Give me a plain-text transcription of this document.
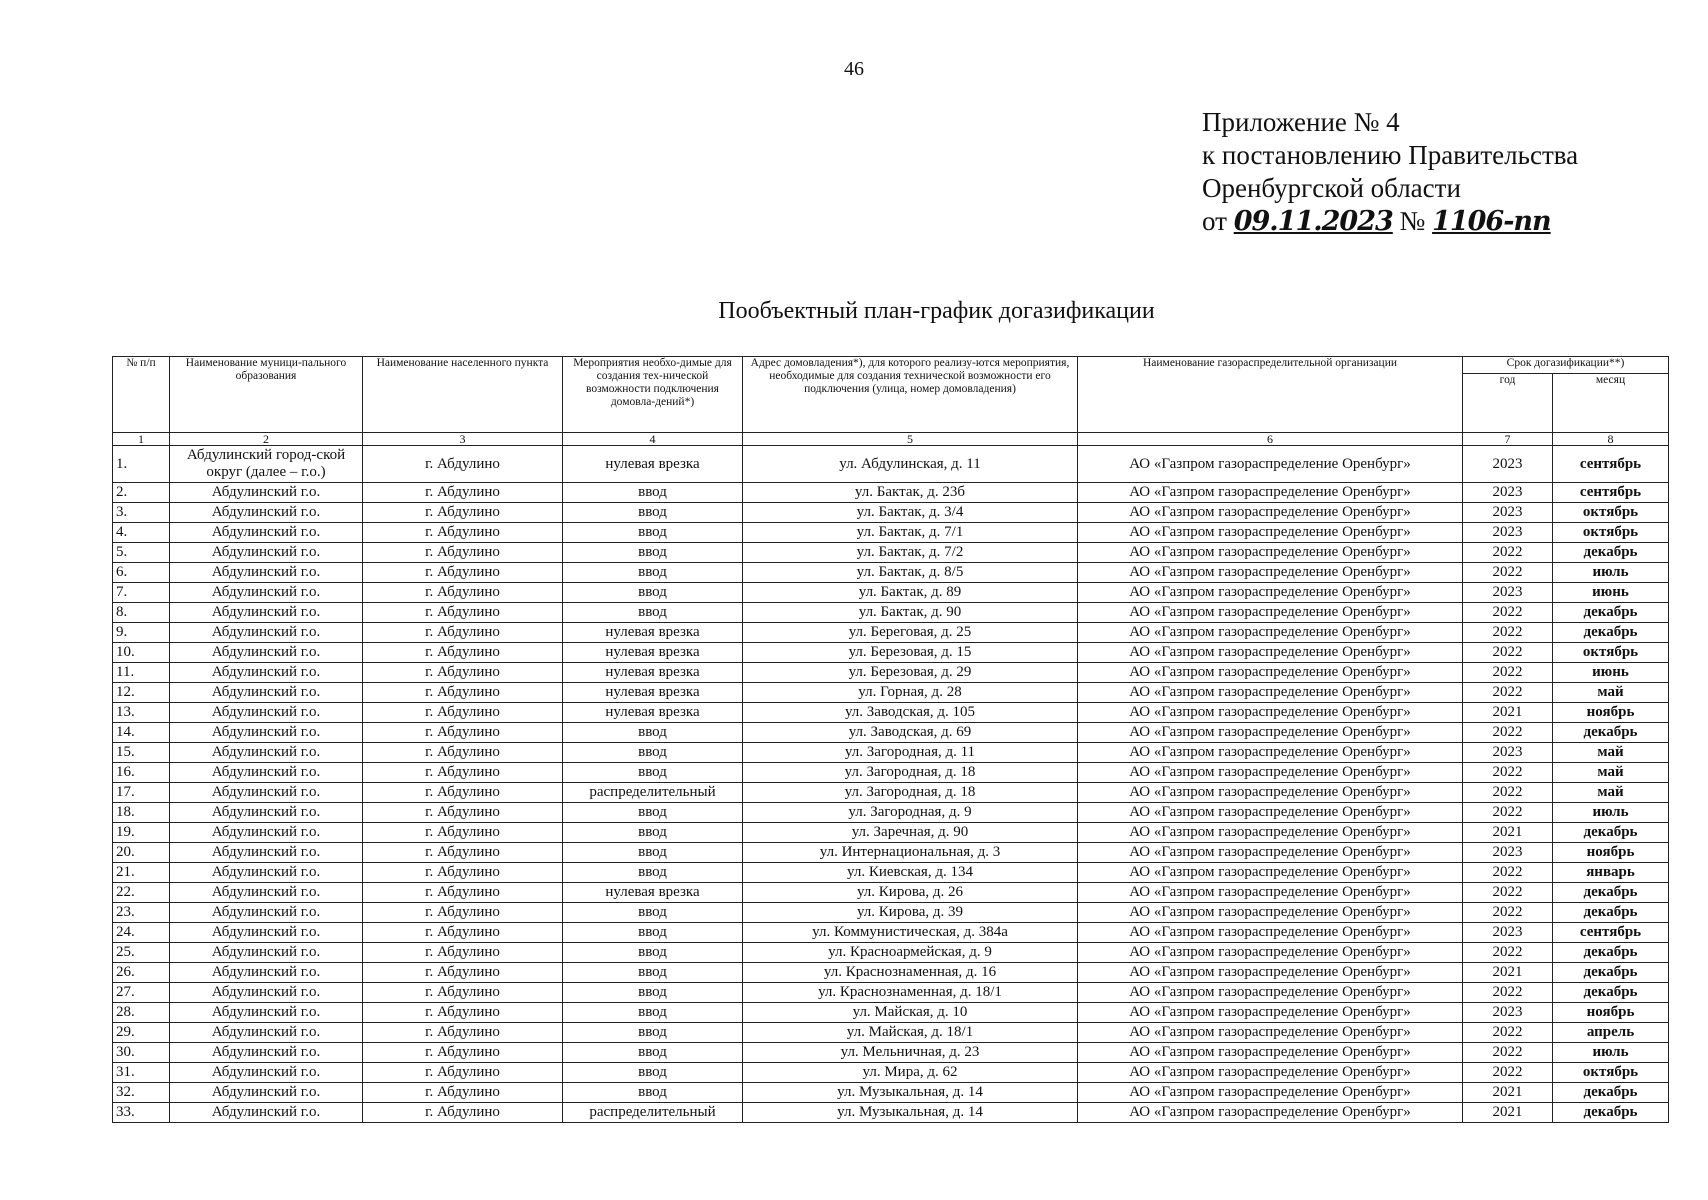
46
Приложение № 4
к постановлению Правительства
Оренбургской области
от 09.11.2023 № 1106-пп
Пообъектный план-график догазификации
№ п/п	Наименование муници-пального образования	Наименование населенного пункта	Мероприятия необхо-димые для создания тех-нической возможности подключения домовла-дений*)	Адрес домовладения*), для которого реализу-ются мероприятия, необходимые для создания технической возможности его подключения (улица, номер домовладения)	Наименование газораспределительной организации	Срок догазификации**)	
						год	месяц
1	2	3	4	5	6	7	8
1.	Абдулинский город-ской округ (далее – г.о.)	г. Абдулино	нулевая врезка	ул. Абдулинская, д. 11	АО «Газпром газораспределение Оренбург»	2023	сентябрь
2.	Абдулинский г.о.	г. Абдулино	ввод	ул. Бактак, д. 23б	АО «Газпром газораспределение Оренбург»	2023	сентябрь
3.	Абдулинский г.о.	г. Абдулино	ввод	ул. Бактак, д. 3/4	АО «Газпром газораспределение Оренбург»	2023	октябрь
4.	Абдулинский г.о.	г. Абдулино	ввод	ул. Бактак, д. 7/1	АО «Газпром газораспределение Оренбург»	2023	октябрь
5.	Абдулинский г.о.	г. Абдулино	ввод	ул. Бактак, д. 7/2	АО «Газпром газораспределение Оренбург»	2022	декабрь
6.	Абдулинский г.о.	г. Абдулино	ввод	ул. Бактак, д. 8/5	АО «Газпром газораспределение Оренбург»	2022	июль
7.	Абдулинский г.о.	г. Абдулино	ввод	ул. Бактак, д. 89	АО «Газпром газораспределение Оренбург»	2023	июнь
8.	Абдулинский г.о.	г. Абдулино	ввод	ул. Бактак, д. 90	АО «Газпром газораспределение Оренбург»	2022	декабрь
9.	Абдулинский г.о.	г. Абдулино	нулевая врезка	ул. Береговая, д. 25	АО «Газпром газораспределение Оренбург»	2022	декабрь
10.	Абдулинский г.о.	г. Абдулино	нулевая врезка	ул. Березовая, д. 15	АО «Газпром газораспределение Оренбург»	2022	октябрь
11.	Абдулинский г.о.	г. Абдулино	нулевая врезка	ул. Березовая, д. 29	АО «Газпром газораспределение Оренбург»	2022	июнь
12.	Абдулинский г.о.	г. Абдулино	нулевая врезка	ул. Горная, д. 28	АО «Газпром газораспределение Оренбург»	2022	май
13.	Абдулинский г.о.	г. Абдулино	нулевая врезка	ул. Заводская, д. 105	АО «Газпром газораспределение Оренбург»	2021	ноябрь
14.	Абдулинский г.о.	г. Абдулино	ввод	ул. Заводская, д. 69	АО «Газпром газораспределение Оренбург»	2022	декабрь
15.	Абдулинский г.о.	г. Абдулино	ввод	ул. Загородная, д. 11	АО «Газпром газораспределение Оренбург»	2023	май
16.	Абдулинский г.о.	г. Абдулино	ввод	ул. Загородная, д. 18	АО «Газпром газораспределение Оренбург»	2022	май
17.	Абдулинский г.о.	г. Абдулино	распределительный	ул. Загородная, д. 18	АО «Газпром газораспределение Оренбург»	2022	май
18.	Абдулинский г.о.	г. Абдулино	ввод	ул. Загородная, д. 9	АО «Газпром газораспределение Оренбург»	2022	июль
19.	Абдулинский г.о.	г. Абдулино	ввод	ул. Заречная, д. 90	АО «Газпром газораспределение Оренбург»	2021	декабрь
20.	Абдулинский г.о.	г. Абдулино	ввод	ул. Интернациональная, д. 3	АО «Газпром газораспределение Оренбург»	2023	ноябрь
21.	Абдулинский г.о.	г. Абдулино	ввод	ул. Киевская, д. 134	АО «Газпром газораспределение Оренбург»	2022	январь
22.	Абдулинский г.о.	г. Абдулино	нулевая врезка	ул. Кирова, д. 26	АО «Газпром газораспределение Оренбург»	2022	декабрь
23.	Абдулинский г.о.	г. Абдулино	ввод	ул. Кирова, д. 39	АО «Газпром газораспределение Оренбург»	2022	декабрь
24.	Абдулинский г.о.	г. Абдулино	ввод	ул. Коммунистическая, д. 384а	АО «Газпром газораспределение Оренбург»	2023	сентябрь
25.	Абдулинский г.о.	г. Абдулино	ввод	ул. Красноармейская, д. 9	АО «Газпром газораспределение Оренбург»	2022	декабрь
26.	Абдулинский г.о.	г. Абдулино	ввод	ул. Краснознаменная, д. 16	АО «Газпром газораспределение Оренбург»	2021	декабрь
27.	Абдулинский г.о.	г. Абдулино	ввод	ул. Краснознаменная, д. 18/1	АО «Газпром газораспределение Оренбург»	2022	декабрь
28.	Абдулинский г.о.	г. Абдулино	ввод	ул. Майская, д. 10	АО «Газпром газораспределение Оренбург»	2023	ноябрь
29.	Абдулинский г.о.	г. Абдулино	ввод	ул. Майская, д. 18/1	АО «Газпром газораспределение Оренбург»	2022	апрель
30.	Абдулинский г.о.	г. Абдулино	ввод	ул. Мельничная, д. 23	АО «Газпром газораспределение Оренбург»	2022	июль
31.	Абдулинский г.о.	г. Абдулино	ввод	ул. Мира, д. 62	АО «Газпром газораспределение Оренбург»	2022	октябрь
32.	Абдулинский г.о.	г. Абдулино	ввод	ул. Музыкальная, д. 14	АО «Газпром газораспределение Оренбург»	2021	декабрь
33.	Абдулинский г.о.	г. Абдулино	распределительный	ул. Музыкальная, д. 14	АО «Газпром газораспределение Оренбург»	2021	декабрь
